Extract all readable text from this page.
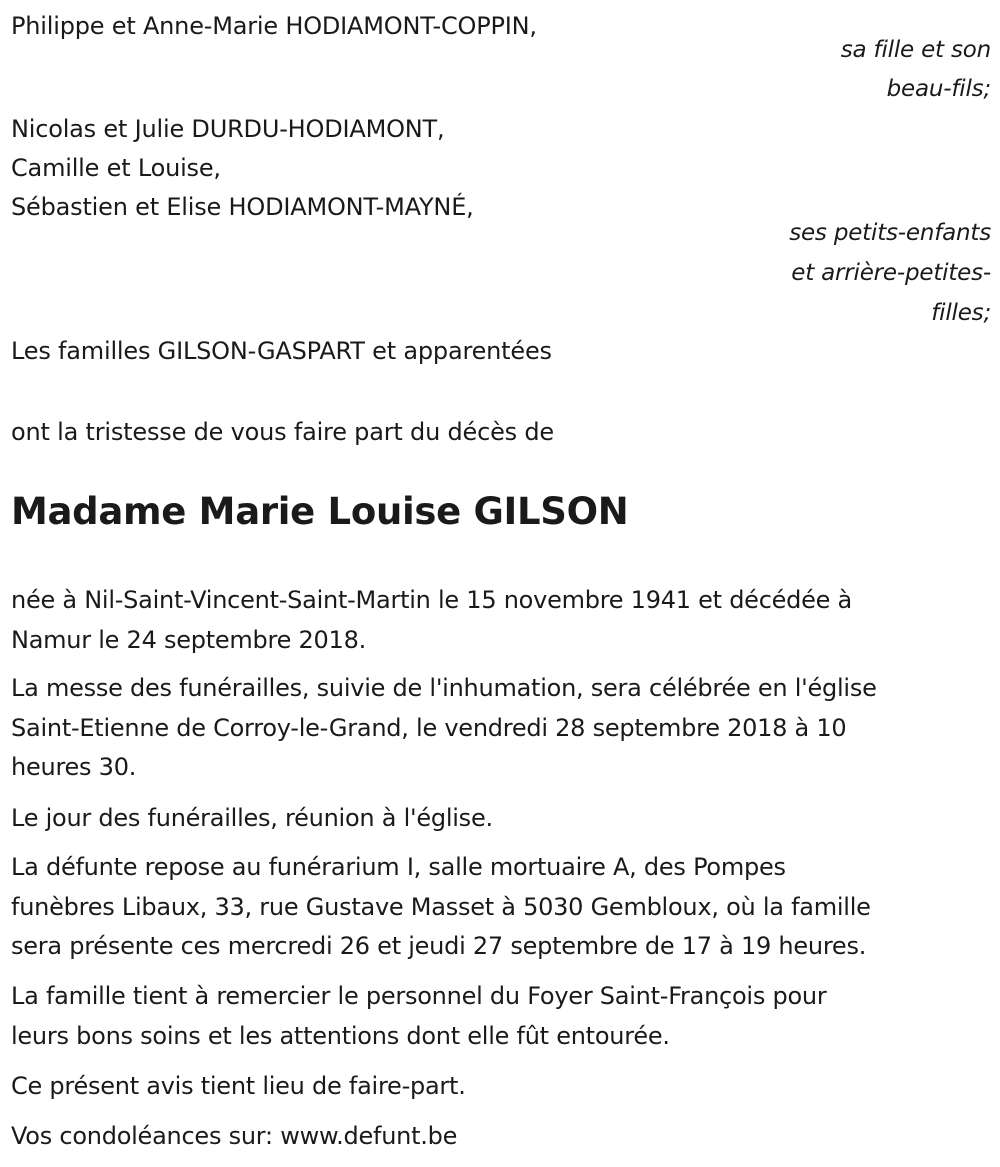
Philippe et Anne-Marie HODIAMONT-COPPIN,
sa fille et son
beau-fils;
Nicolas et Julie DURDU-HODIAMONT,
Camille et Louise,
Sébastien et Elise HODIAMONT-MAYNÉ,
ses petits-enfants
et arrière-petites-
filles;
Les familles GILSON-GASPART et apparentées
ont la tristesse de vous faire part du décès de
Madame Marie Louise GILSON
née à Nil-Saint-Vincent-Saint-Martin le 15 novembre 1941 et décédée à
Namur le 24 septembre 2018.
La messe des funérailles, suivie de l'inhumation, sera célébrée en l'église
Saint-Etienne de Corroy-le-Grand, le vendredi 28 septembre 2018 à 10
heures 30.
Le jour des funérailles, réunion à l'église.
La défunte repose au funérarium I, salle mortuaire A, des Pompes
funèbres Libaux, 33, rue Gustave Masset à 5030 Gembloux, où la famille
sera présente ces mercredi 26 et jeudi 27 septembre de 17 à 19 heures.
La famille tient à remercier le personnel du Foyer Saint-François pour
leurs bons soins et les attentions dont elle fût entourée.
Ce présent avis tient lieu de faire-part.
Vos condoléances sur: www.defunt.be
